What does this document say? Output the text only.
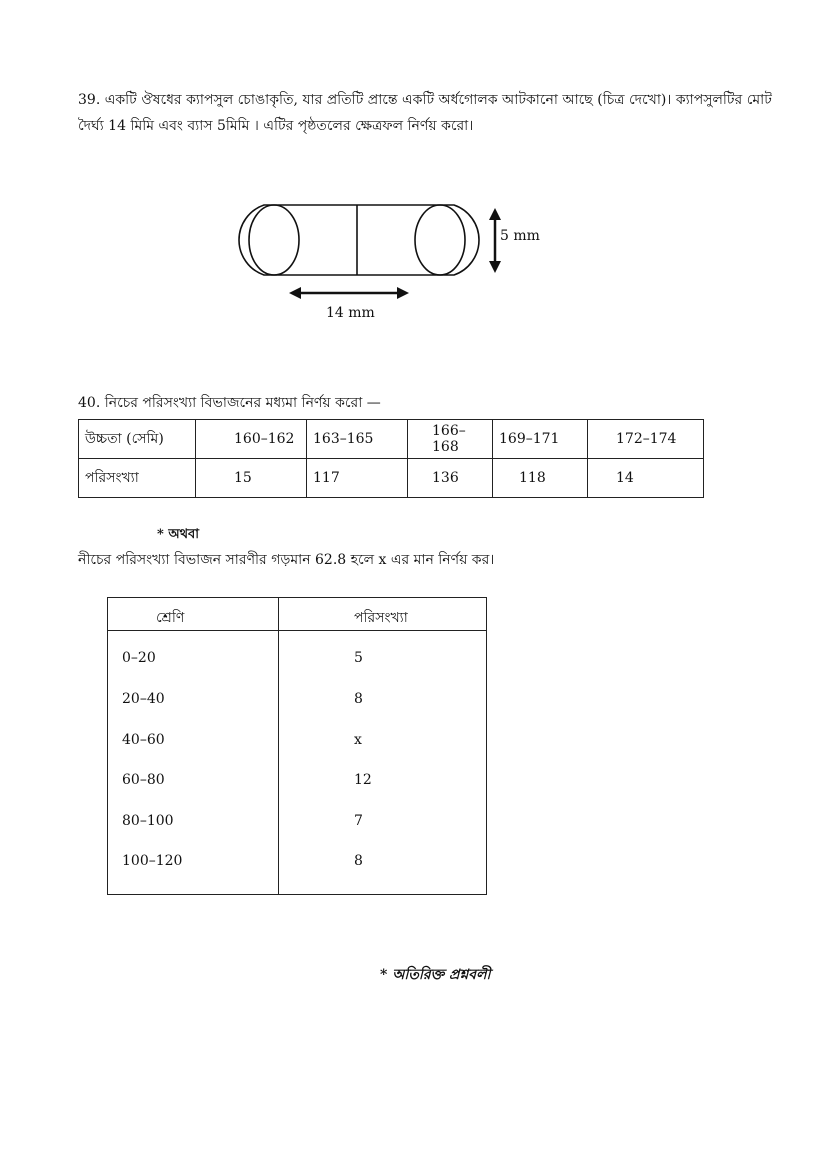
39. একটি ঔষধের ক্যাপসুল চোঙাকৃতি, যার প্রতিটি প্রান্তে একটি অর্ধগোলক আটকানো আছে (চিত্র দেখো)। ক্যাপসুলটির মোট
দৈর্ঘ্য 14 মিমি এবং ব্যাস 5মিমি । এটির পৃষ্ঠতলের ক্ষেত্রফল নির্ণয় করো।
5 mm
14 mm
40. নিচের পরিসংখ্যা বিভাজনের মধ্যমা নির্ণয় করো —
উচ্চতা (সেমি)	160–162	163–165	166–168	169–171	172–174
পরিসংখ্যা	15	117	136	118	14
* অথবা
নীচের পরিসংখ্যা বিভাজন সারণীর গড়মান 62.8 হলে x এর মান নির্ণয় কর।
শ্রেণি	পরিসংখ্যা
0–20	5
20–40	8
40–60	x
60–80	12
80–100	7
100–120	8
* অতিরিক্ত প্রশ্নবলী
